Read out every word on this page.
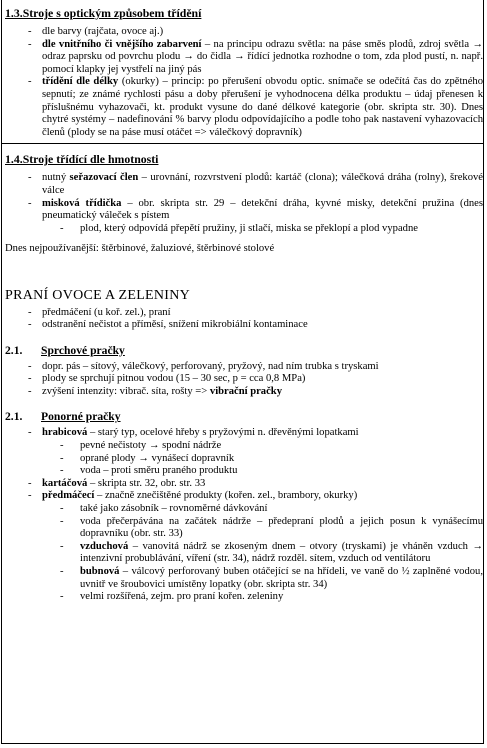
1.3.Stroje s optickým způsobem třídění
- dle barvy (rajčata, ovoce aj.)
- dle vnitřního či vnějšího zabarvení – na principu odrazu světla: na páse směs plodů, zdroj světla → odraz paprsku od povrchu plodu → do čidla → řídící jednotka rozhodne o tom, zda plod pustí, n. např. pomocí klapky jej vystřelí na jiný pás
- třídění dle délky (okurky) – princip: po přerušení obvodu optic. snímače se odečítá čas do zpětného sepnutí; ze známé rychlosti pásu a doby přerušení je vyhodnocena délka produktu – údaj přenesen k příslušnému vyhazovači, kt. produkt vysune do dané délkové kategorie (obr. skripta str. 30). Dnes chytré systémy – nadefinování % barvy plodu odpovídajícího a podle toho pak nastavení vyhazovacích členů (plody se na páse musí otáčet => válečkový dopravník)
1.4.Stroje třídící dle hmotnosti
- nutný seřazovací člen – urovnání, rozvrstvení plodů: kartáč (clona); válečková dráha (rolny), šrekové válce
- misková třídička – obr. skripta str. 29 – detekční dráha, kyvné misky, detekční pružina (dnes pneumatický váleček s pístem
- plod, který odpovídá přepětí pružiny, ji stlačí, miska se překlopí a plod vypadne
Dnes nejpoužívanější: štěrbinové, žaluziové, štěrbinové stolové
PRANÍ OVOCE A ZELENINY
- předmáčení (u koř. zel.), praní
- odstranění nečistot a příměsí, snížení mikrobiální kontaminace
2.1. Sprchové pračky
- dopr. pás – sítový, válečkový, perforovaný, pryžový, nad ním trubka s tryskami
- plody se sprchují pitnou vodou (15 – 30 sec, p = cca 0,8 MPa)
- zvýšení intenzity: vibrač. síta, rošty => vibrační pračky
2.1. Ponorné pračky
- hrabicová – starý typ, ocelové hřeby s pryžovými n. dřevěnými lopatkami
- pevné nečistoty → spodní nádrže
- oprané plody → vynášecí dopravník
- voda – proti směru praného produktu
- kartáčová – skripta str. 32, obr. str. 33
- předmáčecí – značně znečištěné produkty (kořen. zel., brambory, okurky)
- také jako zásobník – rovnoměrné dávkování
- voda přečerpávána na začátek nádrže – předepraní plodů a jejich posun k vynášecímu dopravníku (obr. str. 33)
- vzduchová – vanovitá nádrž se zkoseným dnem – otvory (tryskami) je vháněn vzduch → intenzivní probublávání, víření (str. 34), nádrž rozděl. sítem, vzduch od ventilátoru
- bubnová – válcový perforovaný buben otáčející se na hřídeli, ve vaně do ½ zaplněné vodou, uvnitř ve šroubovici umístěny lopatky (obr. skripta str. 34)
- velmi rozšířená, zejm. pro praní kořen. zeleniny
